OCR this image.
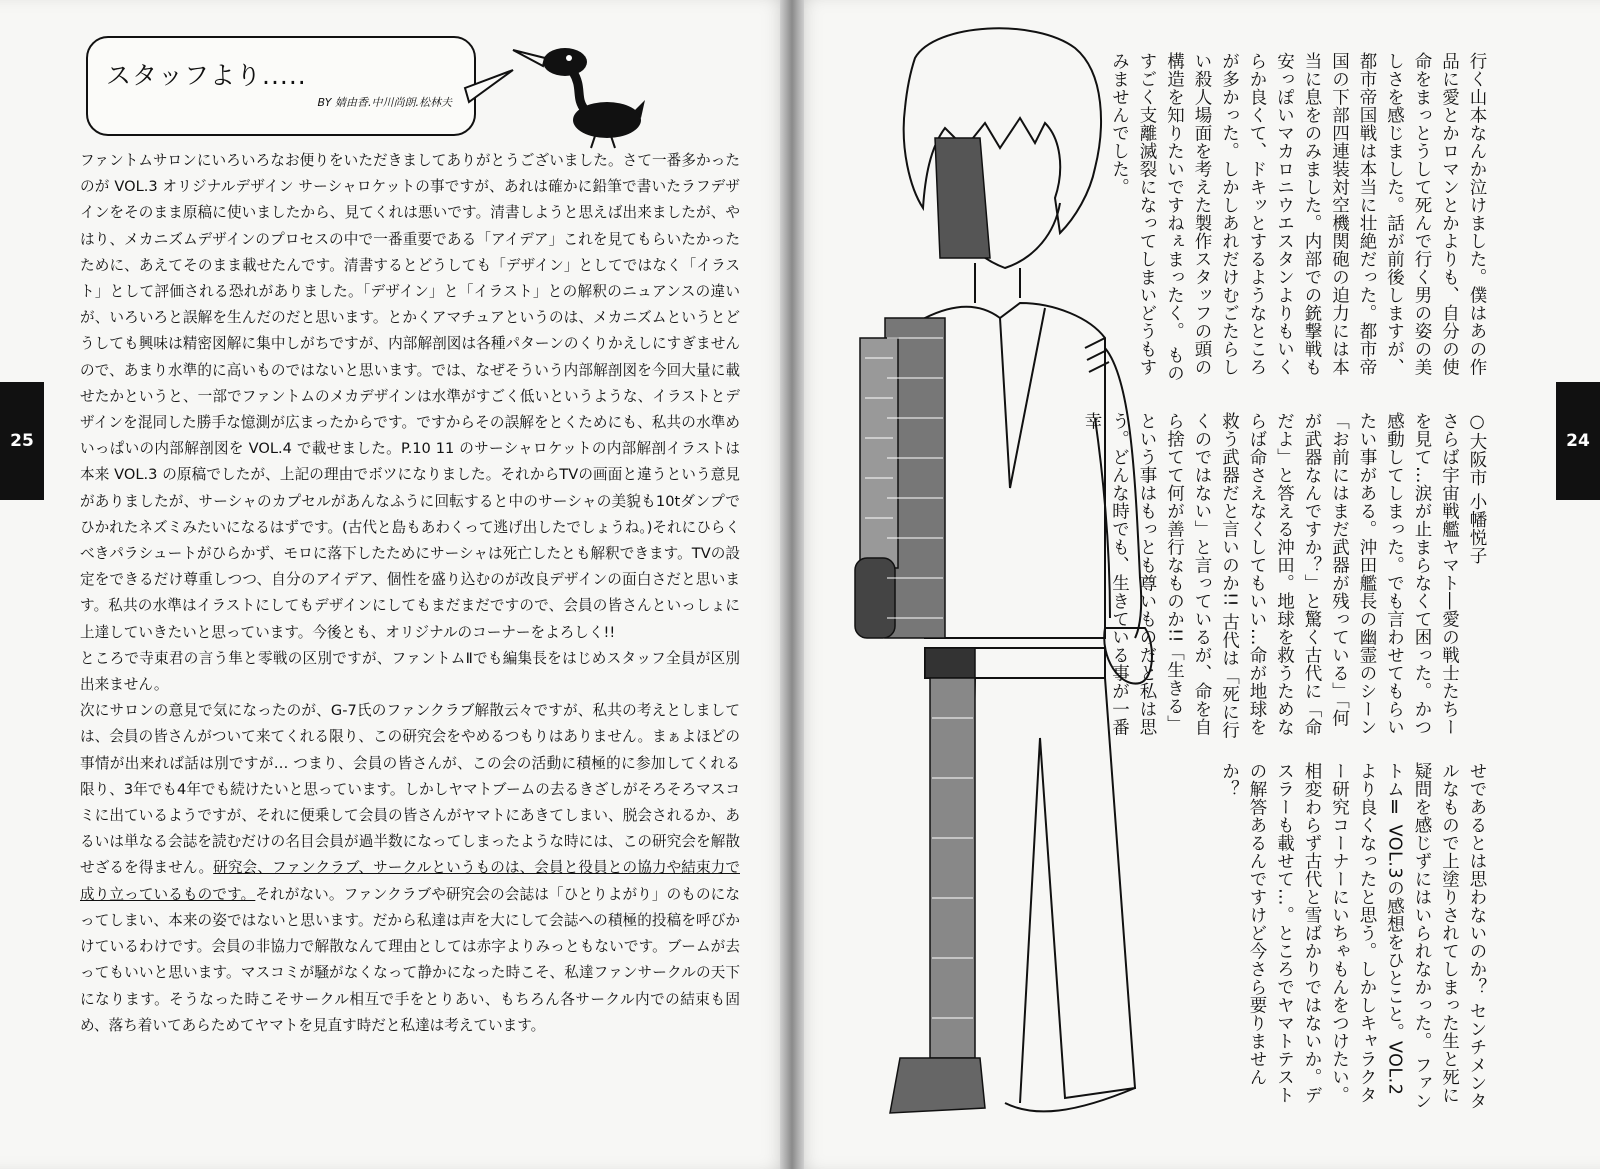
25
スタッフより.....
BY 婧由香.中川尚朗.松林夫

ファントムサロンにいろいろなお便りをいただきましてありがとうございました。さて一番多かったのが VOL.3 オリジナルデザイン サーシャロケットの事ですが、あれは確かに鉛筆で書いたラフデザインをそのまま原稿に使いましたから、見てくれは悪いです。清書しようと思えば出来ましたが、やはり、メカニズムデザインのプロセスの中で一番重要である「アイデア」これを見てもらいたかったために、あえてそのまま載せたんです。清書するとどうしても「デザイン」としてではなく「イラスト」として評価される恐れがありました。「デザイン」と「イラスト」との解釈のニュアンスの違いが、いろいろと誤解を生んだのだと思います。とかくアマチュアというのは、メカニズムというとどうしても興味は精密図解に集中しがちですが、内部解剖図は各種パターンのくりかえしにすぎませんので、あまり水準的に高いものではないと思います。では、なぜそういう内部解剖図を今回大量に載せたかというと、一部でファントムのメカデザインは水準がすごく低いというような、イラストとデザインを混同した勝手な憶測が広まったからです。ですからその誤解をとくためにも、私共の水準めいっぱいの内部解剖図を VOL.4 で載せました。P.10 11 のサーシャロケットの内部解剖イラストは本来 VOL.3 の原稿でしたが、上記の理由でボツになりました。それからTVの画面と違うという意見がありましたが、サーシャのカプセルがあんなふうに回転すると中のサーシャの美貌も10tダンプでひかれたネズミみたいになるはずです。(古代と島もあわくって逃げ出したでしょうね。)それにひらくべきパラシュートがひらかず、モロに落下したためにサーシャは死亡したとも解釈できます。TVの設定をできるだけ尊重しつつ、自分のアイデア、個性を盛り込むのが改良デザインの面白さだと思います。私共の水準はイラストにしてもデザインにしてもまだまだですので、会員の皆さんといっしょに上達していきたいと思っています。今後とも、オリジナルのコーナーをよろしく!!

ところで寺東君の言う隼と零戦の区別ですが、ファントムⅡでも編集長をはじめスタッフ全員が区別出来ません。

次にサロンの意見で気になったのが、G-7氏のファンクラブ解散云々ですが、私共の考えとしましては、会員の皆さんがついて来てくれる限り、この研究会をやめるつもりはありません。まぁよほどの事情が出来れば話は別ですが… つまり、会員の皆さんが、この会の活動に積極的に参加してくれる限り、3年でも4年でも続けたいと思っています。しかしヤマトブームの去るきざしがそろそろマスコミに出ているようですが、それに便乗して会員の皆さんがヤマトにあきてしまい、脱会されるか、あるいは単なる会誌を読むだけの名目会員が過半数になってしまったような時には、この研究会を解散せざるを得ません。研究会、ファンクラブ、サークルというものは、会員と役員との協力や結束力で成り立っているものです。それがない。ファンクラブや研究会の会誌は「ひとりよがり」のものになってしまい、本来の姿ではないと思います。だから私達は声を大にして会誌への積極的投稿を呼びかけているわけです。会員の非協力で解散なんて理由としては赤字よりみっともないです。ブームが去ってもいいと思います。マスコミが騒がなくなって静かになった時こそ、私達ファンサークルの天下になります。そうなった時こそサークル相互で手をとりあい、もちろん各サークル内での結束も固め、落ち着いてあらためてヤマトを見直す時だと私達は考えています。

24

行く山本なんか泣けました。僕はあの作品に愛とかロマンとかよりも、自分の使命をまっとうして死んで行く男の姿の美しさを感じました。話が前後しますが、都市帝国戦は本当に壮絶だった。都市帝国の下部四連装対空機関砲の迫力には本当に息をのみました。内部での銃撃戦も安っぽいマカロニウエスタンよりもいくらか良くて、ドキッとするようなところが多かった。しかしあれだけむごたらしい殺人場面を考えた製作スタッフの頭の構造を知りたいですねぇまったく。 ものすごく支離滅裂になってしまいどうもすみませんでした。

○大阪市 小幡悦子

さらば宇宙戦艦ヤマト―愛の戦士たちーを見て…涙が止まらなくて困った。かつ感動してしまった。でも言わせてもらいたい事がある。沖田艦長の幽霊のシーン「お前にはまだ武器が残っている」「何が武器なんですか？」と驚く古代に「命だよ」と答える沖田。地球を救うためならば命さえなくしてもいい…命が地球を救う武器だと言いのか!! 古代は「死に行くのではない」と言っているが、命を自ら捨てて何が善行なものか!!「生きる」という事はもっとも尊いものだと私は思う。どんな時でも、生きている事が一番幸

せであるとは思わないのか？ センチメンタルなもので上塗りされてしまった生と死に疑問を感じずにはいられなかった。 ファントムⅡ VOL.3の感想をひとこと。VOL.2より良くなったと思う。しかしキャラクター研究コーナーにいちゃもんをつけたい。相変わらず古代と雪ばかりではないか。デスラーも載せて…。ところでヤマトテストの解答あるんですけど今さら要りませんか？
